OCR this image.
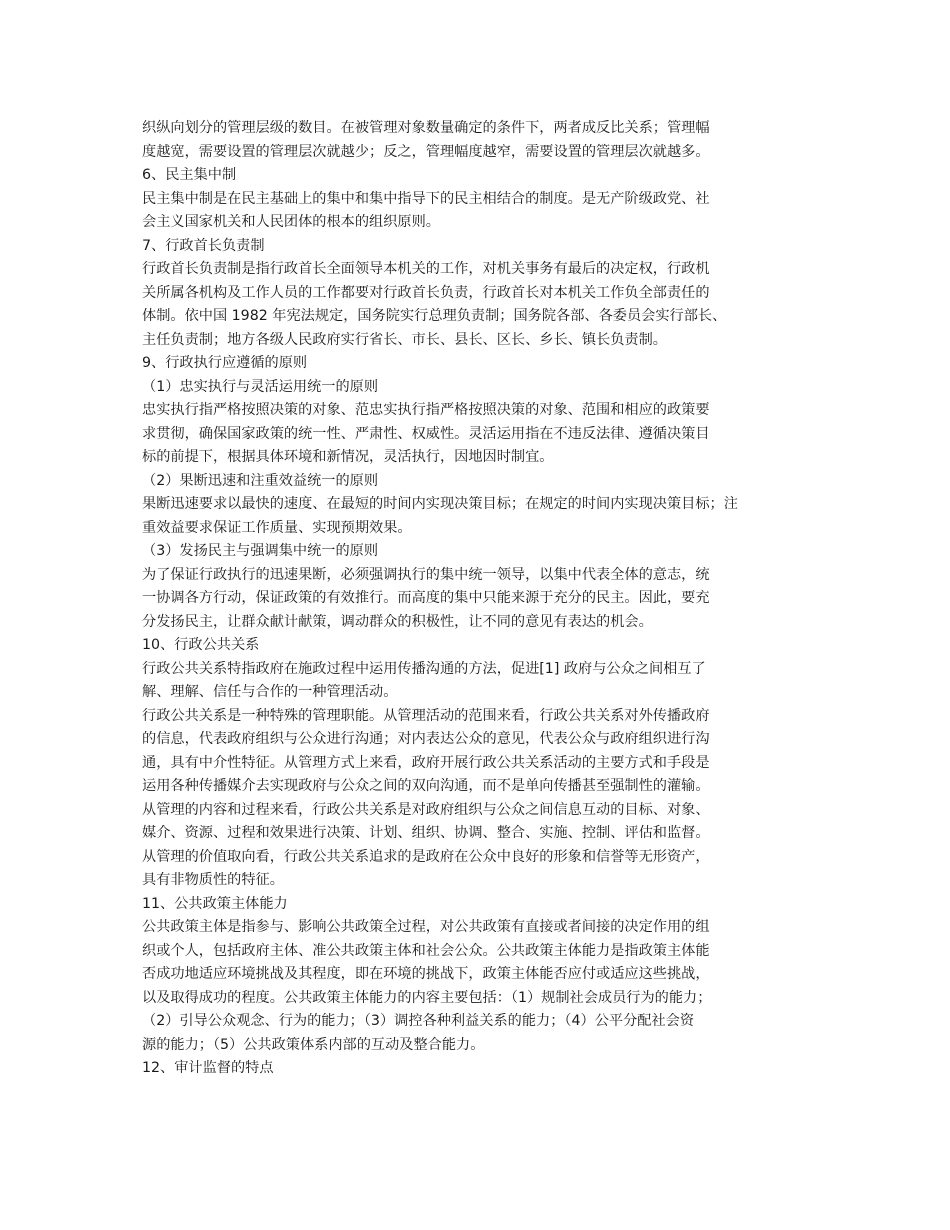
织纵向划分的管理层级的数目。在被管理对象数量确定的条件下，两者成反比关系；管理幅
度越宽，需要设置的管理层次就越少；反之，管理幅度越窄，需要设置的管理层次就越多。
6、民主集中制
民主集中制是在民主基础上的集中和集中指导下的民主相结合的制度。是无产阶级政党、社
会主义国家机关和人民团体的根本的组织原则。
7、行政首长负责制
行政首长负责制是指行政首长全面领导本机关的工作，对机关事务有最后的决定权，行政机
关所属各机构及工作人员的工作都要对行政首长负责，行政首长对本机关工作负全部责任的
体制。依中国 1982 年宪法规定，国务院实行总理负责制；国务院各部、各委员会实行部长、
主任负责制；地方各级人民政府实行省长、市长、县长、区长、乡长、镇长负责制。
9、行政执行应遵循的原则
（1）忠实执行与灵活运用统一的原则
忠实执行指严格按照决策的对象、范忠实执行指严格按照决策的对象、范围和相应的政策要
求贯彻，确保国家政策的统一性、严肃性、权威性。灵活运用指在不违反法律、遵循决策目
标的前提下，根据具体环境和新情况，灵活执行，因地因时制宜。
（2）果断迅速和注重效益统一的原则
果断迅速要求以最快的速度、在最短的时间内实现决策目标；在规定的时间内实现决策目标；注
重效益要求保证工作质量、实现预期效果。
（3）发扬民主与强调集中统一的原则
为了保证行政执行的迅速果断，必须强调执行的集中统一领导，以集中代表全体的意志，统
一协调各方行动，保证政策的有效推行。而高度的集中只能来源于充分的民主。因此，要充
分发扬民主，让群众献计献策，调动群众的积极性，让不同的意见有表达的机会。
10、行政公共关系
行政公共关系特指政府在施政过程中运用传播沟通的方法，促进[1] 政府与公众之间相互了
解、理解、信任与合作的一种管理活动。
行政公共关系是一种特殊的管理职能。从管理活动的范围来看，行政公共关系对外传播政府
的信息，代表政府组织与公众进行沟通；对内表达公众的意见，代表公众与政府组织进行沟
通，具有中介性特征。从管理方式上来看，政府开展行政公共关系活动的主要方式和手段是
运用各种传播媒介去实现政府与公众之间的双向沟通，而不是单向传播甚至强制性的灌输。
从管理的内容和过程来看，行政公共关系是对政府组织与公众之间信息互动的目标、对象、
媒介、资源、过程和效果进行决策、计划、组织、协调、整合、实施、控制、评估和监督。
从管理的价值取向看，行政公共关系追求的是政府在公众中良好的形象和信誉等无形资产，
具有非物质性的特征。
11、公共政策主体能力
公共政策主体是指参与、影响公共政策全过程，对公共政策有直接或者间接的决定作用的组
织或个人，包括政府主体、准公共政策主体和社会公众。公共政策主体能力是指政策主体能
否成功地适应环境挑战及其程度，即在环境的挑战下，政策主体能否应付或适应这些挑战，
以及取得成功的程度。公共政策主体能力的内容主要包括：（1）规制社会成员行为的能力；
（2）引导公众观念、行为的能力；（3）调控各种利益关系的能力；（4）公平分配社会资
源的能力；（5）公共政策体系内部的互动及整合能力。
12、审计监督的特点
